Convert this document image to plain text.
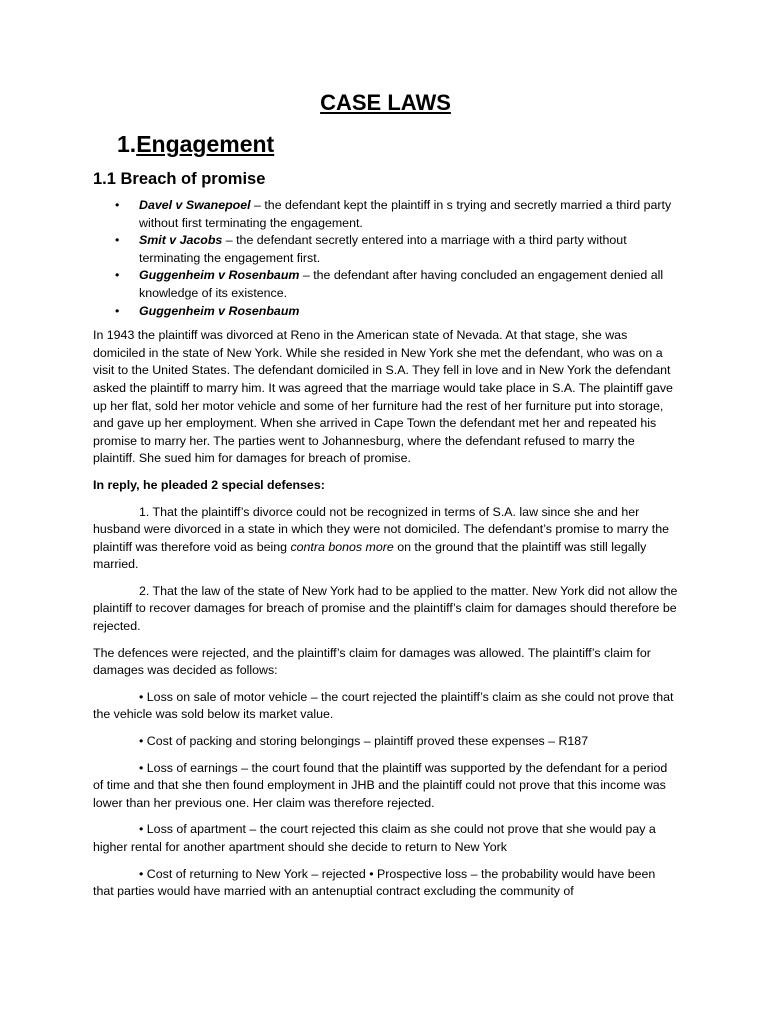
CASE LAWS
1.Engagement
1.1 Breach of promise
• Davel v Swanepoel – the defendant kept the plaintiff in s trying and secretly married a third party without first terminating the engagement.
• Smit v Jacobs – the defendant secretly entered into a marriage with a third party without terminating the engagement first.
• Guggenheim v Rosenbaum – the defendant after having concluded an engagement denied all knowledge of its existence.
• Guggenheim v Rosenbaum

In 1943 the plaintiff was divorced at Reno in the American state of Nevada. At that stage, she was domiciled in the state of New York. While she resided in New York she met the defendant, who was on a visit to the United States. The defendant domiciled in S.A. They fell in love and in New York the defendant asked the plaintiff to marry him. It was agreed that the marriage would take place in S.A. The plaintiff gave up her flat, sold her motor vehicle and some of her furniture had the rest of her furniture put into storage, and gave up her employment. When she arrived in Cape Town the defendant met her and repeated his promise to marry her. The parties went to Johannesburg, where the defendant refused to marry the plaintiff. She sued him for damages for breach of promise.

In reply, he pleaded 2 special defenses:

1. That the plaintiff’s divorce could not be recognized in terms of S.A. law since she and her husband were divorced in a state in which they were not domiciled. The defendant’s promise to marry the plaintiff was therefore void as being contra bonos more on the ground that the plaintiff was still legally married.

2. That the law of the state of New York had to be applied to the matter. New York did not allow the plaintiff to recover damages for breach of promise and the plaintiff’s claim for damages should therefore be rejected.

The defences were rejected, and the plaintiff’s claim for damages was allowed. The plaintiff’s claim for damages was decided as follows:

• Loss on sale of motor vehicle – the court rejected the plaintiff’s claim as she could not prove that the vehicle was sold below its market value.

• Cost of packing and storing belongings – plaintiff proved these expenses – R187

• Loss of earnings – the court found that the plaintiff was supported by the defendant for a period of time and that she then found employment in JHB and the plaintiff could not prove that this income was lower than her previous one. Her claim was therefore rejected.

• Loss of apartment – the court rejected this claim as she could not prove that she would pay a higher rental for another apartment should she decide to return to New York

• Cost of returning to New York – rejected • Prospective loss – the probability would have been that parties would have married with an antenuptial contract excluding the community of
